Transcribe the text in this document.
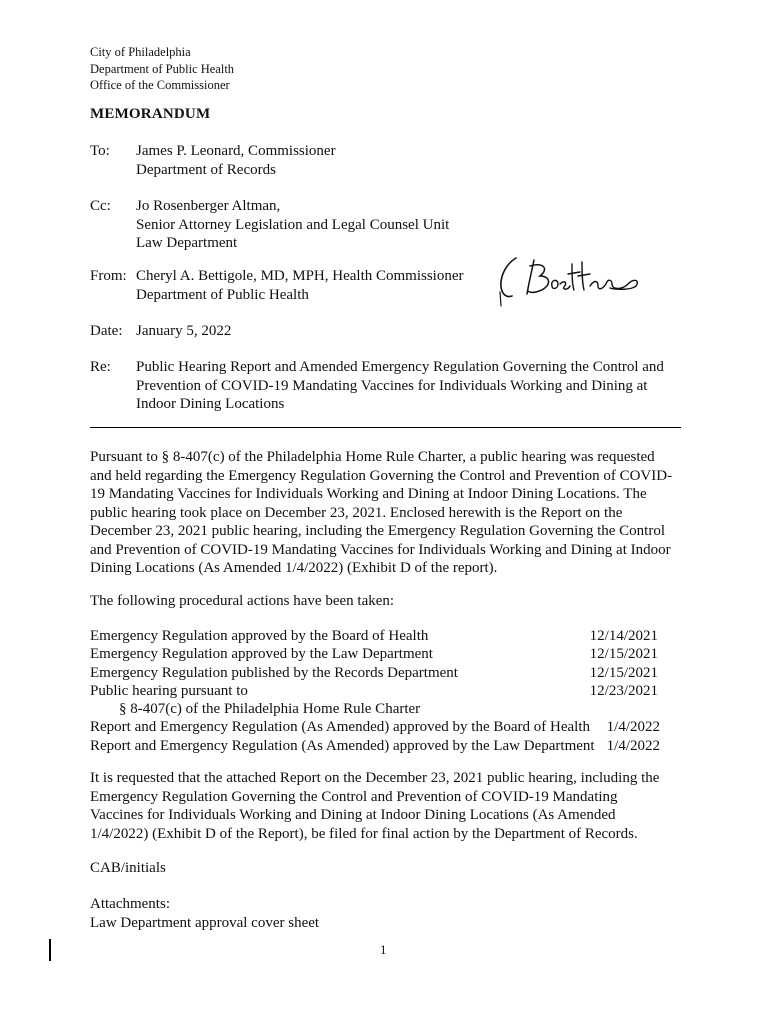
City of Philadelphia
Department of Public Health
Office of the Commissioner
MEMORANDUM
To: James P. Leonard, Commissioner
Department of Records
Cc: Jo Rosenberger Altman,
Senior Attorney Legislation and Legal Counsel Unit
Law Department
From: Cheryl A. Bettigole, MD, MPH, Health Commissioner
Department of Public Health
Date: January 5, 2022
Re: Public Hearing Report and Amended Emergency Regulation Governing the Control and
Prevention of COVID-19 Mandating Vaccines for Individuals Working and Dining at
Indoor Dining Locations
Pursuant to § 8-407(c) of the Philadelphia Home Rule Charter, a public hearing was requested
and held regarding the Emergency Regulation Governing the Control and Prevention of COVID-
19 Mandating Vaccines for Individuals Working and Dining at Indoor Dining Locations. The
public hearing took place on December 23, 2021. Enclosed herewith is the Report on the
December 23, 2021 public hearing, including the Emergency Regulation Governing the Control
and Prevention of COVID-19 Mandating Vaccines for Individuals Working and Dining at Indoor
Dining Locations (As Amended 1/4/2022) (Exhibit D of the report).
The following procedural actions have been taken:
Emergency Regulation approved by the Board of Health	12/14/2021
Emergency Regulation approved by the Law Department	12/15/2021
Emergency Regulation published by the Records Department	12/15/2021
Public hearing pursuant to	12/23/2021
§ 8-407(c) of the Philadelphia Home Rule Charter
Report and Emergency Regulation (As Amended) approved by the Board of Health 1/4/2022
Report and Emergency Regulation (As Amended) approved by the Law Department 1/4/2022
It is requested that the attached Report on the December 23, 2021 public hearing, including the
Emergency Regulation Governing the Control and Prevention of COVID-19 Mandating
Vaccines for Individuals Working and Dining at Indoor Dining Locations (As Amended
1/4/2022) (Exhibit D of the Report), be filed for final action by the Department of Records.
CAB/initials
Attachments:
Law Department approval cover sheet
1
